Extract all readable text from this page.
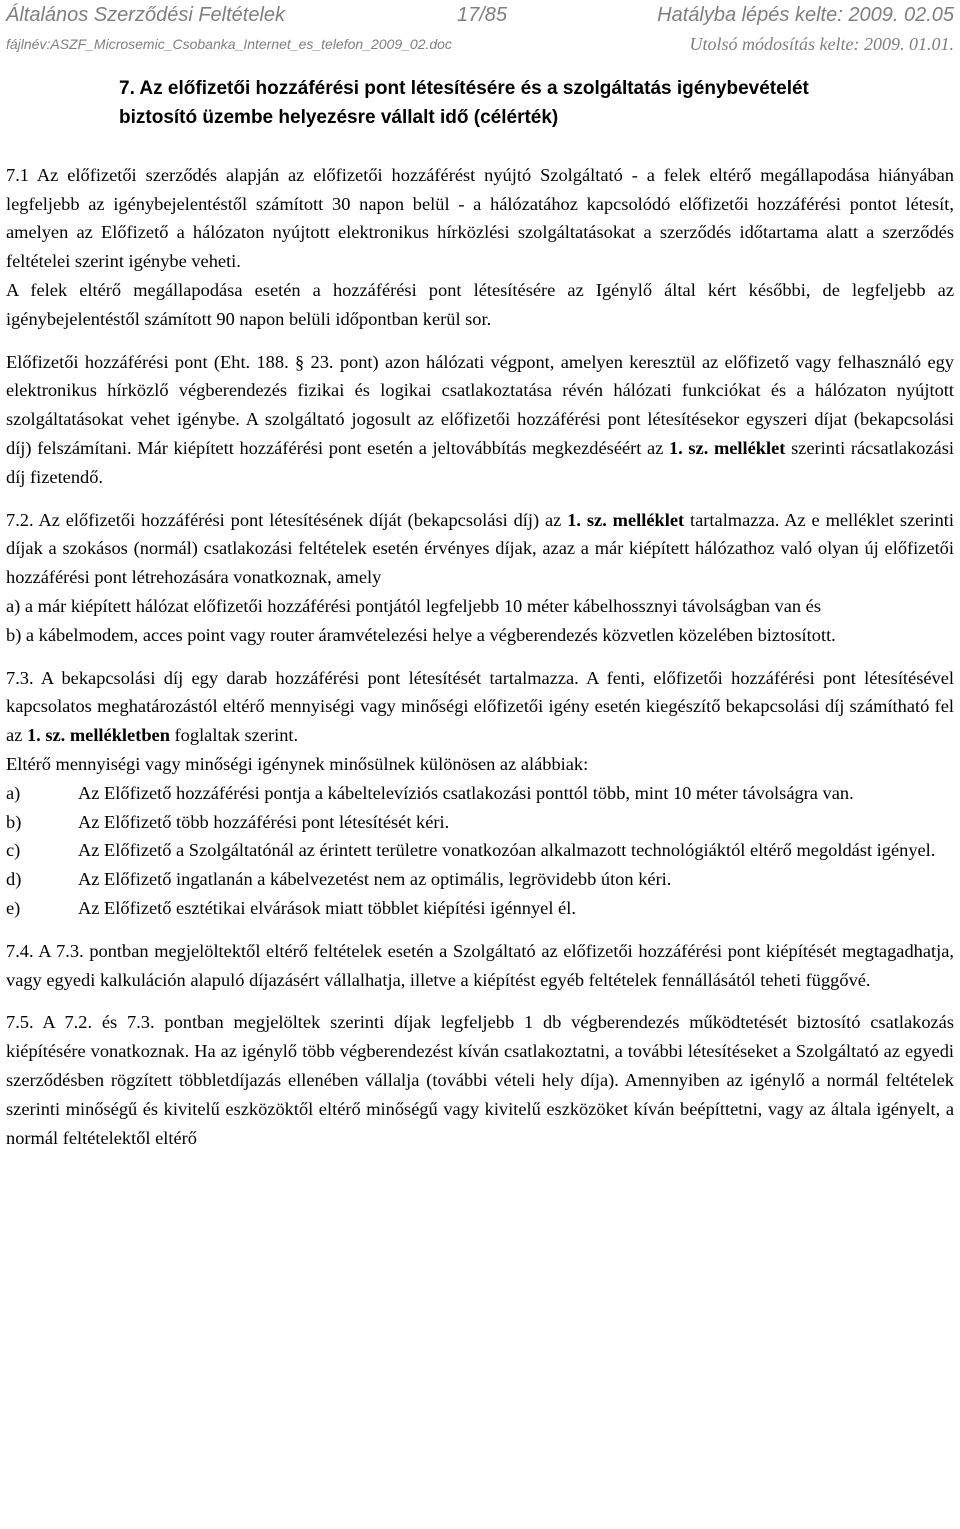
Általános Szerződési Feltételek	17/85	Hatályba lépés kelte: 2009. 02.05
fájlnév:ASZF_Microsemic_Csobanka_Internet_es_telefon_2009_02.doc	Utolsó módosítás kelte: 2009. 01.01.
7. Az előfizetői hozzáférési pont létesítésére és a szolgáltatás igénybevételét
biztosító üzembe helyezésre vállalt idő (célérték)

7.1 Az előfizetői szerződés alapján az előfizetői hozzáférést nyújtó Szolgáltató - a felek eltérő megállapodása hiányában legfeljebb az igénybejelentéstől számított 30 napon belül - a hálózatához kapcsolódó előfizetői hozzáférési pontot létesít, amelyen az Előfizető a hálózaton nyújtott elektronikus hírközlési szolgáltatásokat a szerződés időtartama alatt a szerződés feltételei szerint igénybe veheti.

A felek eltérő megállapodása esetén a hozzáférési pont létesítésére az Igénylő által kért későbbi, de legfeljebb az igénybejelentéstől számított 90 napon belüli időpontban kerül sor.

Előfizetői hozzáférési pont (Eht. 188. § 23. pont) azon hálózati végpont, amelyen keresztül az előfizető vagy felhasználó egy elektronikus hírközlő végberendezés fizikai és logikai csatlakoztatása révén hálózati funkciókat és a hálózaton nyújtott szolgáltatásokat vehet igénybe. A szolgáltató jogosult az előfizetői hozzáférési pont létesítésekor egyszeri díjat (bekapcsolási díj) felszámítani. Már kiépített hozzáférési pont esetén a jeltovábbítás megkezdéséért az 1. sz. melléklet szerinti rácsatlakozási díj fizetendő.

7.2. Az előfizetői hozzáférési pont létesítésének díját (bekapcsolási díj) az 1. sz. melléklet tartalmazza. Az e melléklet szerinti díjak a szokásos (normál) csatlakozási feltételek esetén érvényes díjak, azaz a már kiépített hálózathoz való olyan új előfizetői hozzáférési pont létrehozására vonatkoznak, amely

a) a már kiépített hálózat előfizetői hozzáférési pontjától legfeljebb 10 méter kábelhossznyi távolságban van és

b) a kábelmodem, acces point vagy router áramvételezési helye a végberendezés közvetlen közelében biztosított.

7.3. A bekapcsolási díj egy darab hozzáférési pont létesítését tartalmazza. A fenti, előfizetői hozzáférési pont létesítésével kapcsolatos meghatározástól eltérő mennyiségi vagy minőségi előfizetői igény esetén kiegészítő bekapcsolási díj számítható fel az 1. sz. mellékletben foglaltak szerint.

Eltérő mennyiségi vagy minőségi igénynek minősülnek különösen az alábbiak:

a)	Az Előfizető hozzáférési pontja a kábeltelevíziós csatlakozási ponttól több, mint 10 méter távolságra van.
b)	Az Előfizető több hozzáférési pont létesítését kéri.
c)	Az Előfizető a Szolgáltatónál az érintett területre vonatkozóan alkalmazott technológiáktól eltérő megoldást igényel.
d)	Az Előfizető ingatlanán a kábelvezetést nem az optimális, legrövidebb úton kéri.
e)	Az Előfizető esztétikai elvárások miatt többlet kiépítési igénnyel él.

7.4. A 7.3. pontban megjelöltektől eltérő feltételek esetén a Szolgáltató az előfizetői hozzáférési pont kiépítését megtagadhatja, vagy egyedi kalkuláción alapuló díjazásért vállalhatja, illetve a kiépítést egyéb feltételek fennállásától teheti függővé.

7.5. A 7.2. és 7.3. pontban megjelöltek szerinti díjak legfeljebb 1 db végberendezés működtetését biztosító csatlakozás kiépítésére vonatkoznak. Ha az igénylő több végberendezést kíván csatlakoztatni, a további létesítéseket a Szolgáltató az egyedi szerződésben rögzített többletdíjazás ellenében vállalja (további vételi hely díja). Amennyiben az igénylő a normál feltételek szerinti minőségű és kivitelű eszközöktől eltérő minőségű vagy kivitelű eszközöket kíván beépíttetni, vagy az általa igényelt, a normál feltételektől eltérő
